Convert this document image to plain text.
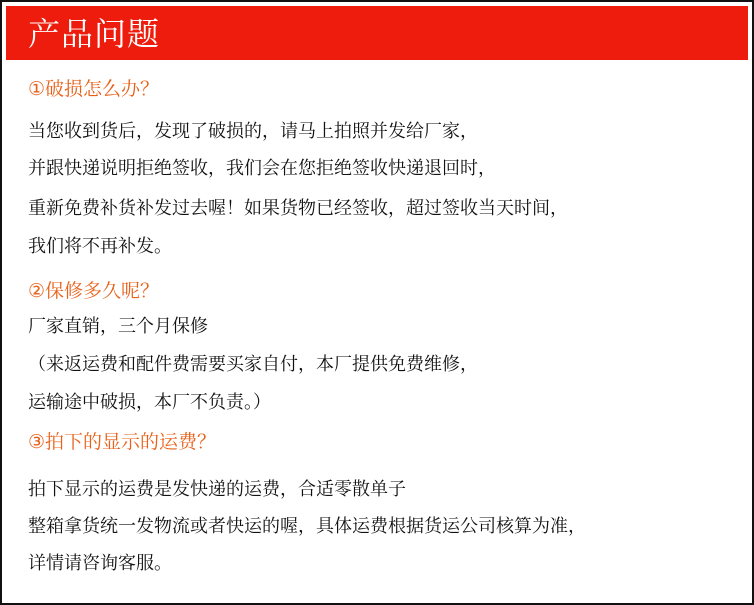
产品问题
①破损怎么办？
当您收到货后，发现了破损的，请马上拍照并发给厂家，
并跟快递说明拒绝签收，我们会在您拒绝签收快递退回时，
重新免费补货补发过去喔！如果货物已经签收，超过签收当天时间，
我们将不再补发。
②保修多久呢？
厂家直销，三个月保修
（来返运费和配件费需要买家自付，本厂提供免费维修，
运输途中破损，本厂不负责。）
③拍下的显示的运费？
拍下显示的运费是发快递的运费，合适零散单子
整箱拿货统一发物流或者快运的喔，具体运费根据货运公司核算为准，
详情请咨询客服。
